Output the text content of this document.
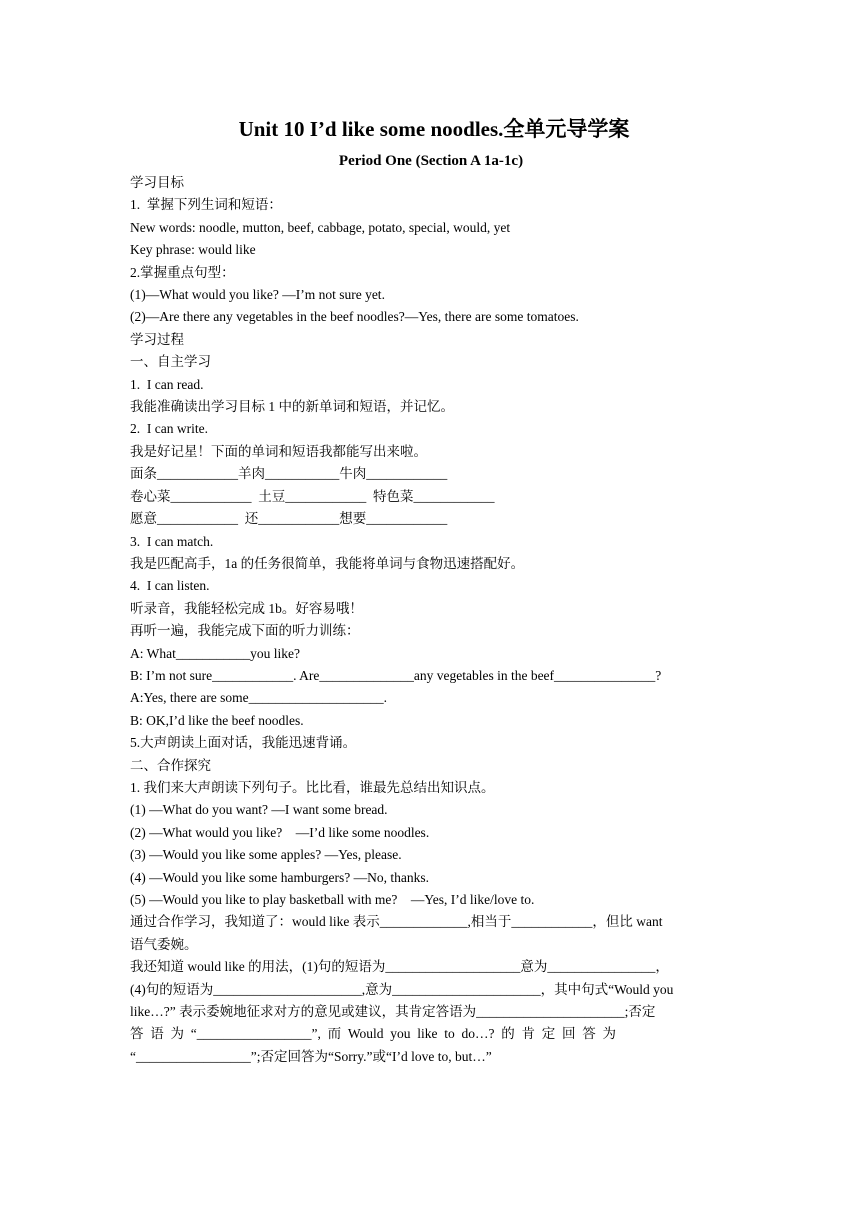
Unit 10 I’d like some noodles.全单元导学案
Period One (Section A 1a-1c)
学习目标
1.  掌握下列生词和短语：
New words: noodle, mutton, beef, cabbage, potato, special, would, yet
Key phrase: would like
2.掌握重点句型：
(1)—What would you like? —I’m not sure yet.
(2)—Are there any vegetables in the beef noodles?—Yes, there are some tomatoes.
学习过程
一、自主学习
1.  I can read.
我能准确读出学习目标 1 中的新单词和短语，并记忆。
2.  I can write.
我是好记星！下面的单词和短语我都能写出来啦。
面条____________羊肉___________牛肉____________
卷心菜____________  土豆____________  特色菜____________
愿意____________  还____________想要____________
3.  I can match.
我是匹配高手，1a 的任务很简单，我能将单词与食物迅速搭配好。
4.  I can listen.
听录音，我能轻松完成 1b。好容易哦！
再听一遍，我能完成下面的听力训练：
A: What___________you like?
B: I’m not sure____________. Are______________any vegetables in the beef_______________?
A:Yes, there are some____________________.
B: OK,I’d like the beef noodles.
5.大声朗读上面对话，我能迅速背诵。
二、合作探究
1. 我们来大声朗读下列句子。比比看，谁最先总结出知识点。
(1) —What do you want? —I want some bread.
(2) —What would you like?    —I’d like some noodles.
(3) —Would you like some apples? —Yes, please.
(4) —Would you like some hamburgers? —No, thanks.
(5) —Would you like to play basketball with me?    —Yes, I’d like/love to.
通过合作学习，我知道了：would like 表示_____________,相当于____________，但比 want
语气委婉。
我还知道 would like 的用法，(1)句的短语为____________________意为________________，
(4)句的短语为______________________,意为______________________，其中句式“Would you
like…?” 表示委婉地征求对方的意见或建议，其肯定答语为______________________;否定
答  语  为  “_________________”,  而  Would  you  like  to  do…?  的  肯  定  回  答  为
“_________________”;否定回答为“Sorry.”或“I’d love to, but…”
